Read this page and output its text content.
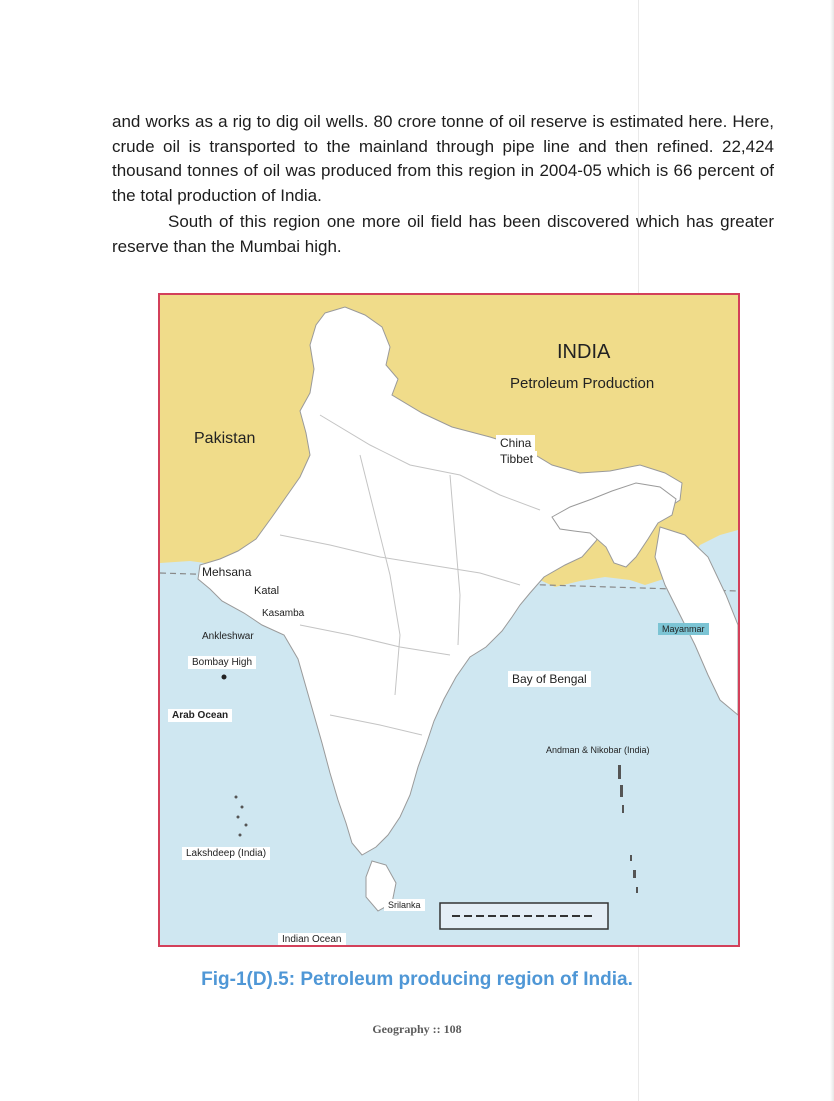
and works as a rig to dig oil wells. 80 crore tonne of oil reserve is estimated here. Here, crude oil is transported to the mainland through pipe line and then refined. 22,424 thousand tonnes of oil was produced from this region in 2004-05 which is 66 percent of the total production of India.

South of this region one more oil field has been discovered which has greater reserve than the Mumbai high.

INDIA
Petroleum Production
Pakistan	China
Tibbet
Mehsana
Katal
Kasamba
Ankleshwar
Bombay High
Arab Ocean
Bay of Bengal
Mayanmar
Andman & Nikobar (India)
Lakshdeep (India)
Srilanka
Indian Ocean
Fig-1(D).5: Petroleum producing region of India.
Geography :: 108
